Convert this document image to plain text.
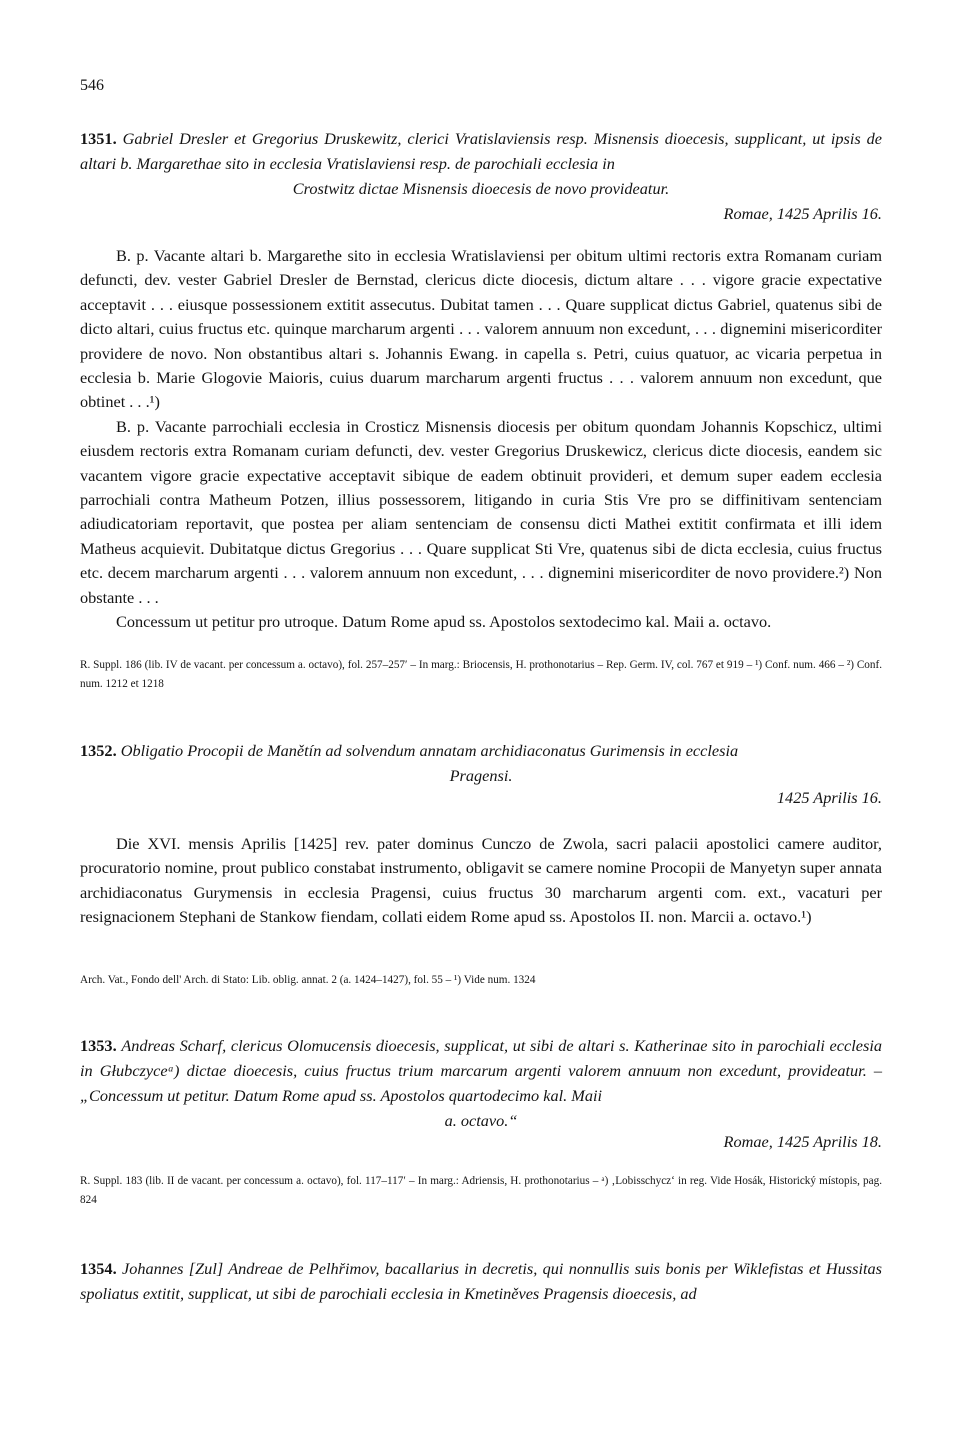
546
1351. Gabriel Dresler et Gregorius Druskewitz, clerici Vratislaviensis resp. Misnensis dioecesis, supplicant, ut ipsis de altari b. Margarethae sito in ecclesia Vratislaviensi resp. de parochiali ecclesia in
Crostwitz dictae Misnensis dioecesis de novo provideatur.
Romae, 1425 Aprilis 16.

B. p. Vacante altari b. Margarethe sito in ecclesia Wratislaviensi per obitum ultimi rectoris extra Romanam curiam defuncti, dev. vester Gabriel Dresler de Bernstad, clericus dicte diocesis, dictum altare . . . vigore gracie expectative acceptavit . . . eiusque possessionem extitit assecutus. Dubitat tamen . . . Quare supplicat dictus Gabriel, quatenus sibi de dicto altari, cuius fructus etc. quinque marcharum argenti . . . valorem annuum non excedunt, . . . dignemini misericorditer providere de novo. Non obstantibus altari s. Johannis Ewang. in capella s. Petri, cuius quatuor, ac vicaria perpetua in ecclesia b. Marie Glogovie Maioris, cuius duarum marcharum argenti fructus . . . valorem annuum non excedunt, que obtinet . . .¹)

B. p. Vacante parrochiali ecclesia in Crosticz Misnensis diocesis per obitum quondam Johannis Kopschicz, ultimi eiusdem rectoris extra Romanam curiam defuncti, dev. vester Gregorius Druskewicz, clericus dicte diocesis, eandem sic vacantem vigore gracie expectative acceptavit sibique de eadem obtinuit provideri, et demum super eadem ecclesia parrochiali contra Matheum Potzen, illius possessorem, litigando in curia Stis Vre pro se diffinitivam sentenciam adiudicatoriam reportavit, que postea per aliam sentenciam de consensu dicti Mathei extitit confirmata et illi idem Matheus acquievit. Dubitatque dictus Gregorius . . . Quare supplicat Sti Vre, quatenus sibi de dicta ecclesia, cuius fructus etc. decem marcharum argenti . . . valorem annuum non excedunt, . . . dignemini misericorditer de novo providere.²) Non obstante . . .

Concessum ut petitur pro utroque. Datum Rome apud ss. Apostolos sextodecimo kal. Maii a. octavo.

R. Suppl. 186 (lib. IV de vacant. per concessum a. octavo), fol. 257–257′ – In marg.: Briocensis, H. prothonotarius – Rep. Germ. IV, col. 767 et 919 – ¹) Conf. num. 466 – ²) Conf. num. 1212 et 1218
1352. Obligatio Procopii de Manětín ad solvendum annatam archidiaconatus Gurimensis in ecclesia
Pragensi.
1425 Aprilis 16.

Die XVI. mensis Aprilis [1425] rev. pater dominus Cunczo de Zwola, sacri palacii apostolici camere auditor, procuratorio nomine, prout publico constabat instrumento, obligavit se camere nomine Procopii de Manyetyn super annata archidiaconatus Gurymensis in ecclesia Pragensi, cuius fructus 30 marcharum argenti com. ext., vacaturi per resignacionem Stephani de Stankow fiendam, collati eidem Rome apud ss. Apostolos II. non. Marcii a. octavo.¹)

Arch. Vat., Fondo dell' Arch. di Stato: Lib. oblig. annat. 2 (a. 1424–1427), fol. 55 – ¹) Vide num. 1324
1353. Andreas Scharf, clericus Olomucensis dioecesis, supplicat, ut sibi de altari s. Katherinae sito in parochiali ecclesia in Głubczyceᵃ) dictae dioecesis, cuius fructus trium marcarum argenti valorem annuum non excedunt, provideatur. – „Concessum ut petitur. Datum Rome apud ss. Apostolos quartodecimo kal. Maii
a. octavo.“
Romae, 1425 Aprilis 18.
R. Suppl. 183 (lib. II de vacant. per concessum a. octavo), fol. 117–117′ – In marg.: Adriensis, H. prothonotarius – ᵃ) ‚Lobisschycz‘ in reg. Vide Hosák, Historický místopis, pag. 824
1354. Johannes [Zul] Andreae de Pelhřimov, bacallarius in decretis, qui nonnullis suis bonis per Wiklefistas et Hussitas spoliatus extitit, supplicat, ut sibi de parochiali ecclesia in Kmetiněves Pragensis dioecesis, ad
